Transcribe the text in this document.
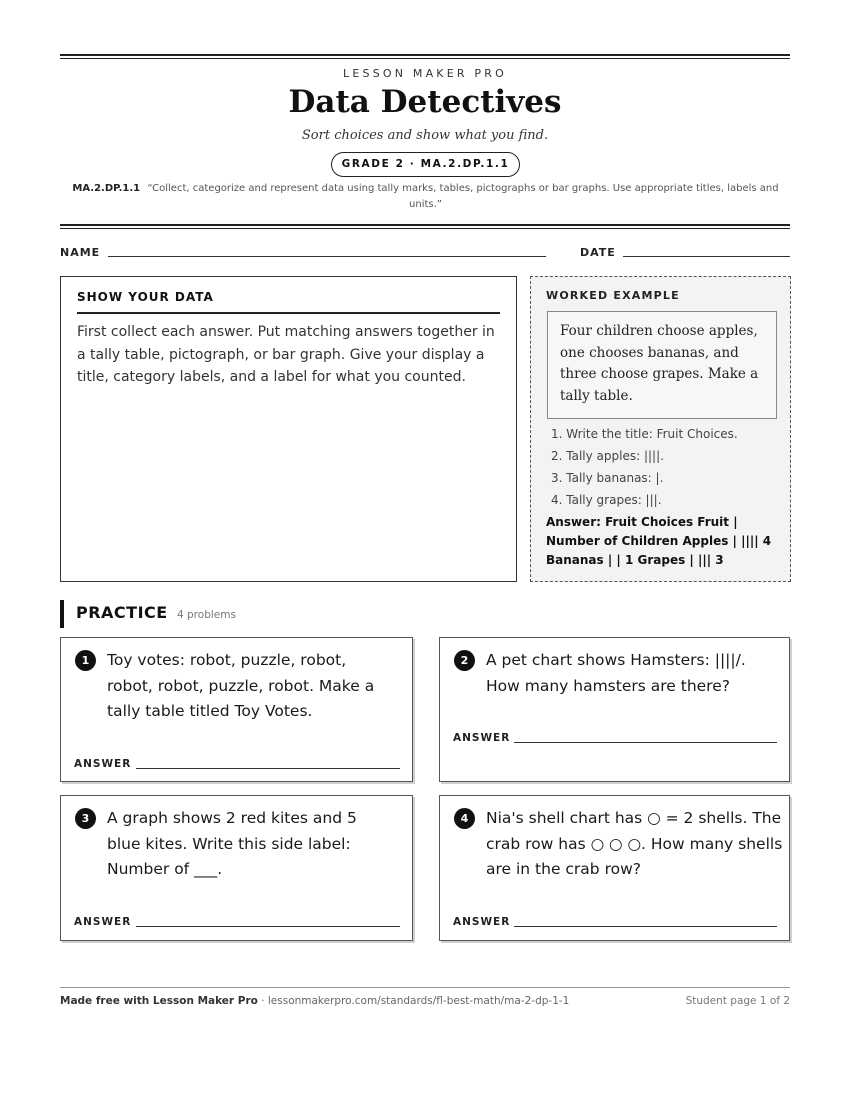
LESSON MAKER PRO
Data Detectives
Sort choices and show what you find.
GRADE 2 · MA.2.DP.1.1
MA.2.DP.1.1 “Collect, categorize and represent data using tally marks, tables, pictographs or bar graphs. Use appropriate titles, labels and units.”
NAME	DATE
SHOW YOUR DATA
First collect each answer. Put matching answers together in a tally table, pictograph, or bar graph. Give your display a title, category labels, and a label for what you counted.
WORKED EXAMPLE
Four children choose apples, one chooses bananas, and three choose grapes. Make a tally table.
1. Write the title: Fruit Choices.
2. Tally apples: ||||.
3. Tally bananas: |.
4. Tally grapes: |||.
Answer: Fruit Choices Fruit | Number of Children Apples | |||| 4 Bananas | | 1 Grapes | ||| 3
PRACTICE 4 problems
1	Toy votes: robot, puzzle, robot,
robot, robot, puzzle, robot. Make a
tally table titled Toy Votes.
ANSWER
2	A pet chart shows Hamsters: ||||/.
How many hamsters are there?
ANSWER
3	A graph shows 2 red kites and 5
blue kites. Write this side label:
Number of ___.
ANSWER
4	Nia's shell chart has ○ = 2 shells. The
crab row has ○ ○ ○. How many shells
are in the crab row?
ANSWER
Made free with Lesson Maker Pro · lessonmakerpro.com/standards/fl-best-math/ma-2-dp-1-1	Student page 1 of 2
